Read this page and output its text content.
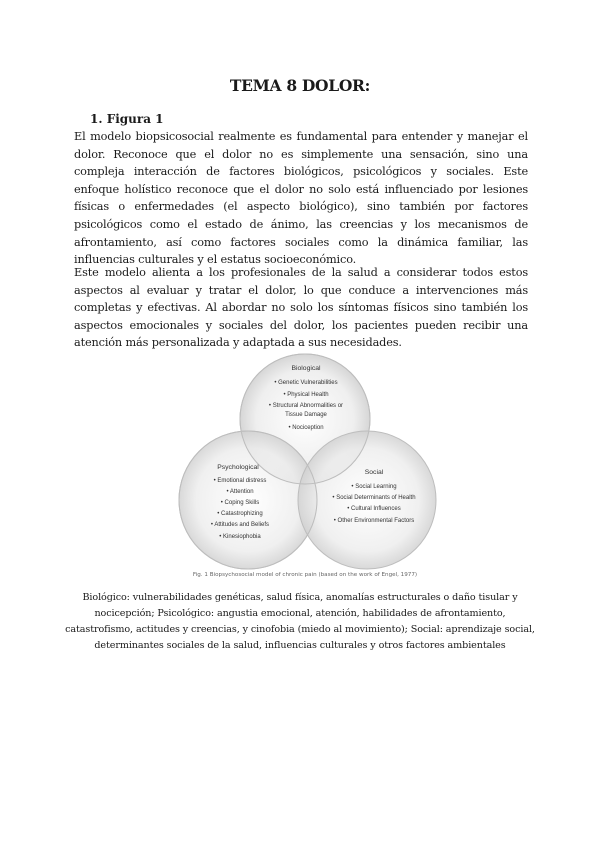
TEMA 8 DOLOR:
1. Figura 1
El modelo biopsicosocial realmente es fundamental para entender y manejar el dolor. Reconoce que el dolor no es simplemente una sensación, sino una compleja interacción de factores biológicos, psicológicos y sociales. Este enfoque holístico reconoce que el dolor no solo está influenciado por lesiones físicas o enfermedades (el aspecto biológico), sino también por factores psicológicos como el estado de ánimo, las creencias y los mecanismos de afrontamiento, así como factores sociales como la dinámica familiar, las influencias culturales y el estatus socioeconómico.
Este modelo alienta a los profesionales de la salud a considerar todos estos aspectos al evaluar y tratar el dolor, lo que conduce a intervenciones más completas y efectivas. Al abordar no solo los síntomas físicos sino también los aspectos emocionales y sociales del dolor, los pacientes pueden recibir una atención más personalizada y adaptada a sus necesidades.
Biological
• Genetic Vulnerabilities
• Physical Health
• Structural Abnormalities or
Tissue Damage
• Nociception
Psychological
• Emotional distress
• Attention
• Coping Skills
• Catastrophizing
• Attitudes and Beliefs
• Kinesiophobia
Social
• Social Learning
• Social Determinants of Health
• Cultural Influences
• Other Environmental Factors
Fig. 1 Biopsychosocial model of chronic pain (based on the work of Engel, 1977)
Biológico: vulnerabilidades genéticas, salud física, anomalías estructurales o daño tisular y nocicepción; Psicológico: angustia emocional, atención, habilidades de afrontamiento, catastrofismo, actitudes y creencias, y cinofobia (miedo al movimiento); Social: aprendizaje social, determinantes sociales de la salud, influencias culturales y otros factores ambientales
